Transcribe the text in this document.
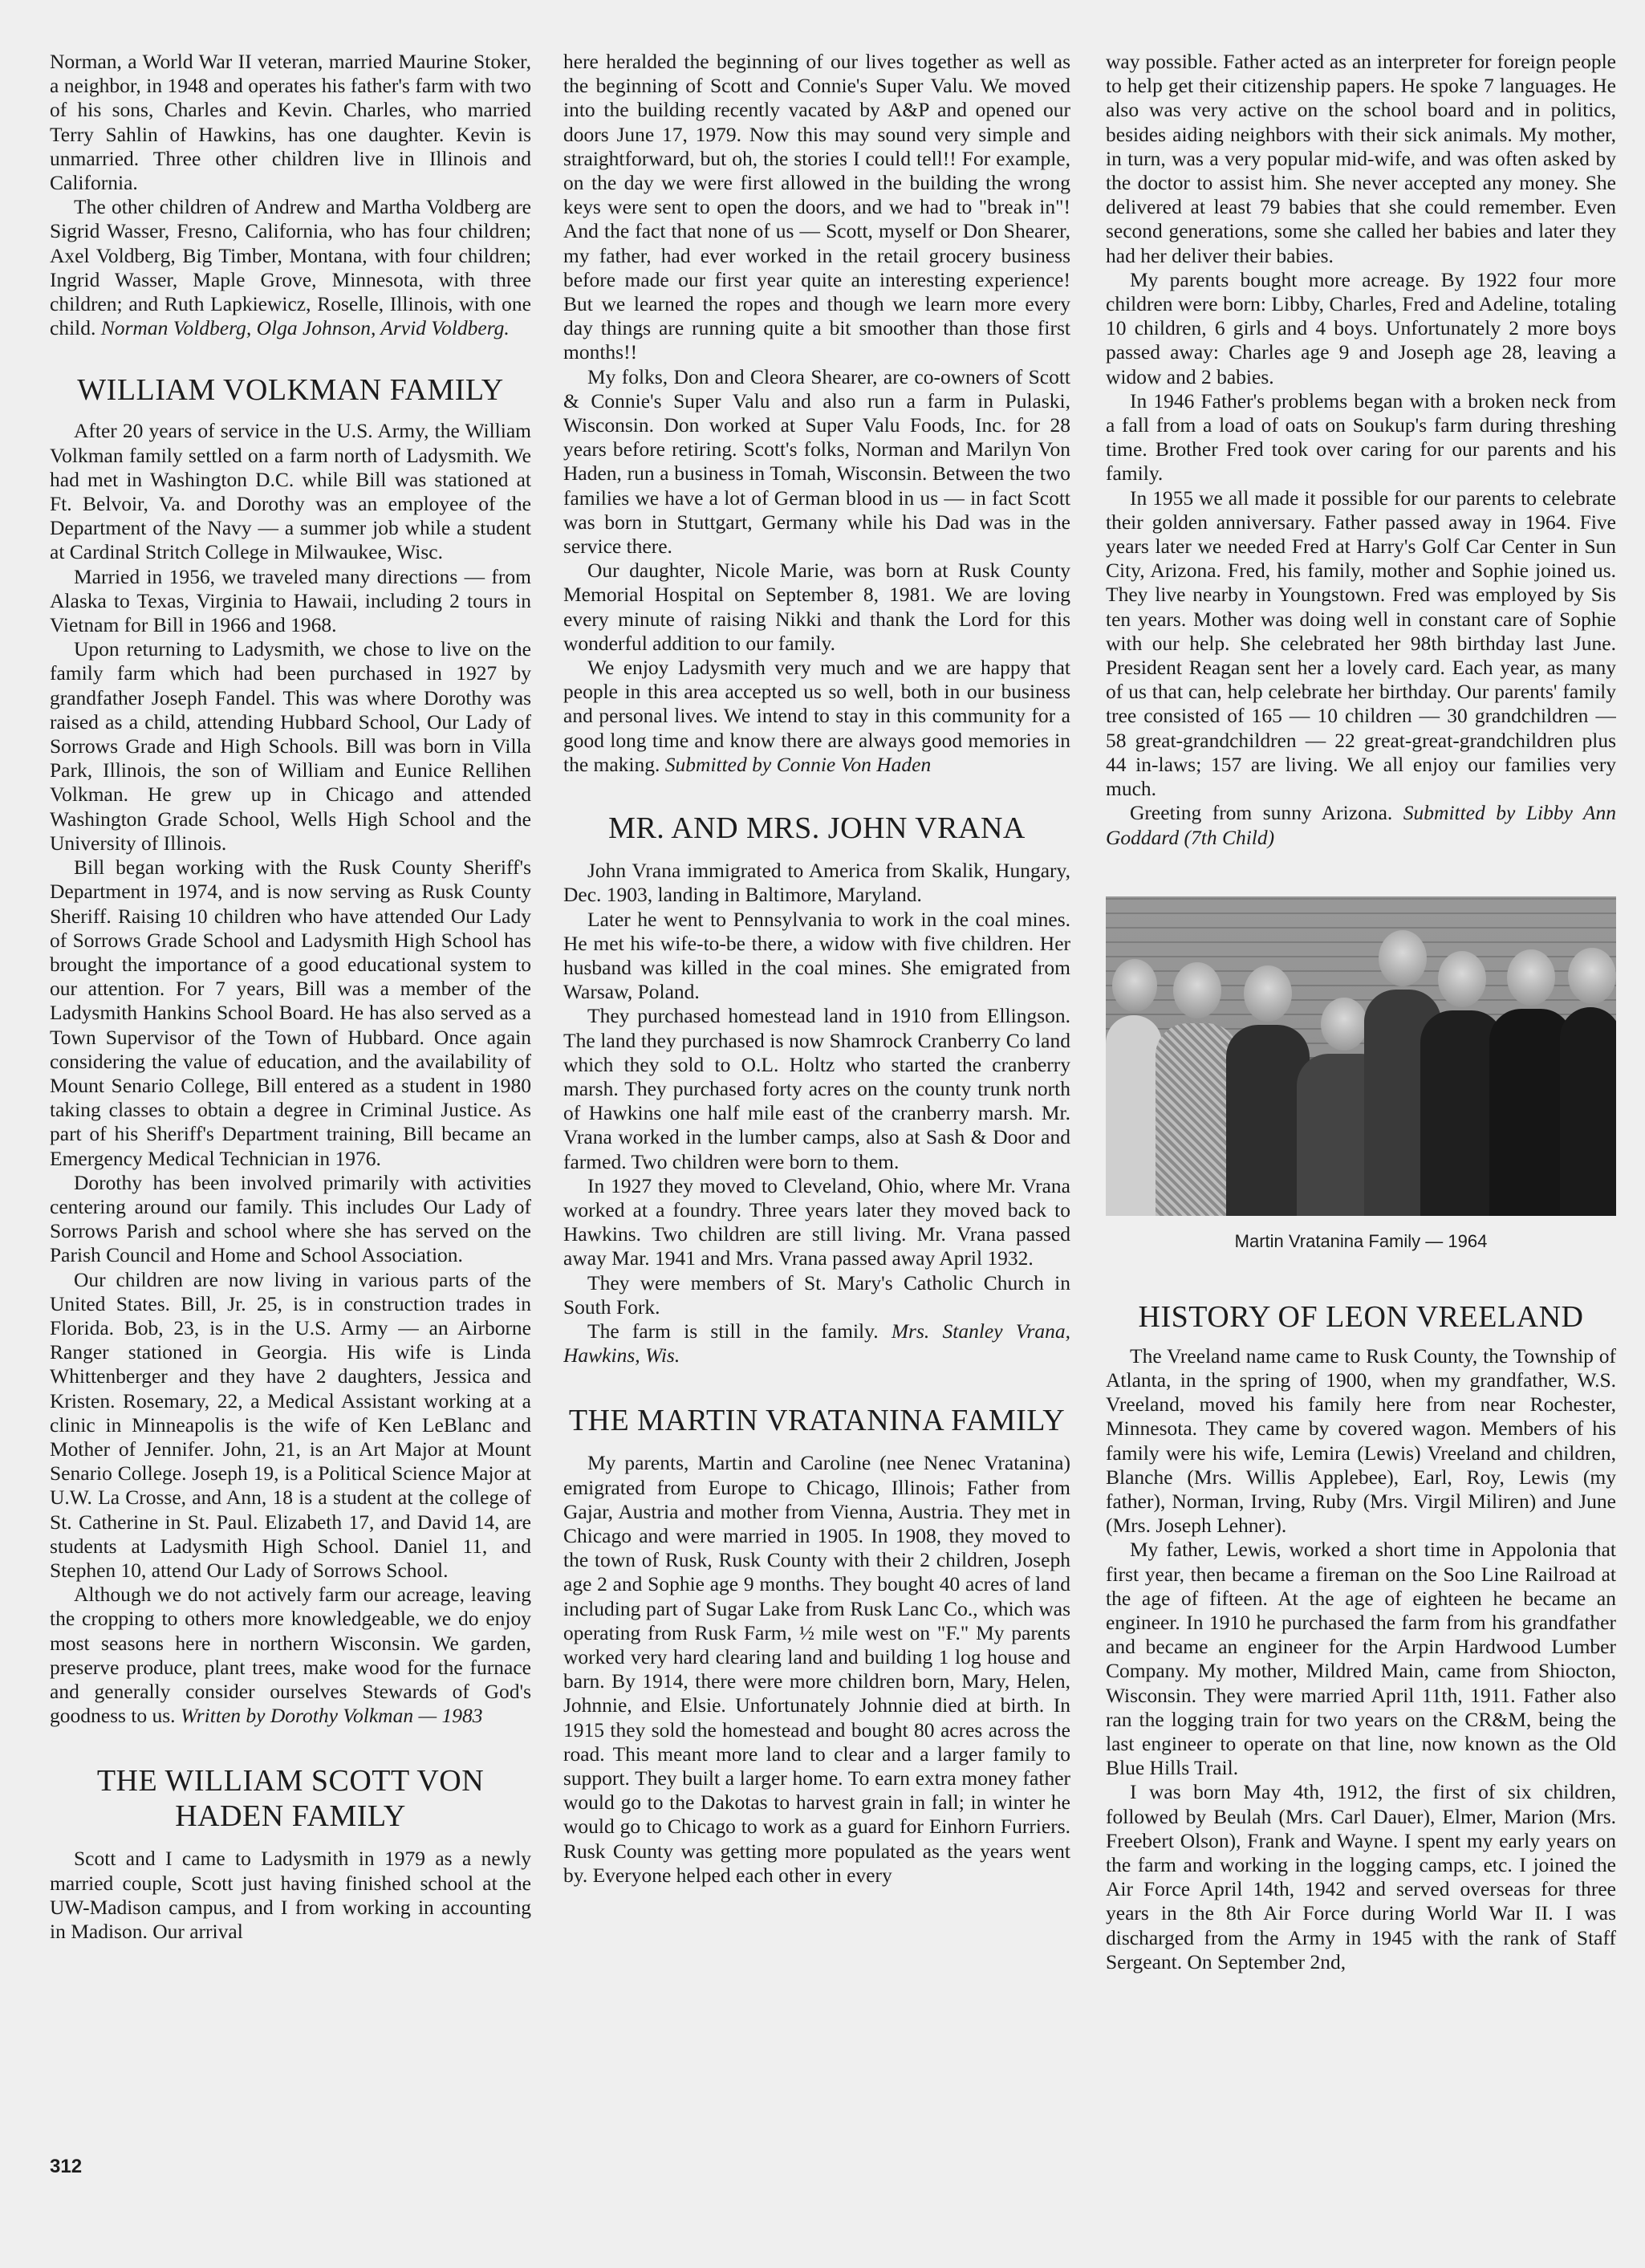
Norman, a World War II veteran, married Maurine Stoker, a neighbor, in 1948 and operates his father's farm with two of his sons, Charles and Kevin. Charles, who married Terry Sahlin of Hawkins, has one daughter. Kevin is unmarried. Three other children live in Illinois and California.

The other children of Andrew and Martha Voldberg are Sigrid Wasser, Fresno, California, who has four children; Axel Voldberg, Big Timber, Montana, with four children; Ingrid Wasser, Maple Grove, Minnesota, with three children; and Ruth Lapkiewicz, Roselle, Illinois, with one child. Norman Voldberg, Olga Johnson, Arvid Voldberg.

WILLIAM VOLKMAN FAMILY

After 20 years of service in the U.S. Army, the William Volkman family settled on a farm north of Ladysmith. We had met in Washington D.C. while Bill was stationed at Ft. Belvoir, Va. and Dorothy was an employee of the Department of the Navy — a summer job while a student at Cardinal Stritch College in Milwaukee, Wisc.

Married in 1956, we traveled many directions — from Alaska to Texas, Virginia to Hawaii, including 2 tours in Vietnam for Bill in 1966 and 1968.

Upon returning to Ladysmith, we chose to live on the family farm which had been purchased in 1927 by grandfather Joseph Fandel. This was where Dorothy was raised as a child, attending Hubbard School, Our Lady of Sorrows Grade and High Schools. Bill was born in Villa Park, Illinois, the son of William and Eunice Rellihen Volkman. He grew up in Chicago and attended Washington Grade School, Wells High School and the University of Illinois.

Bill began working with the Rusk County Sheriff's Department in 1974, and is now serving as Rusk County Sheriff. Raising 10 children who have attended Our Lady of Sorrows Grade School and Ladysmith High School has brought the importance of a good educational system to our attention. For 7 years, Bill was a member of the Ladysmith Hankins School Board. He has also served as a Town Supervisor of the Town of Hubbard. Once again considering the value of education, and the availability of Mount Senario College, Bill entered as a student in 1980 taking classes to obtain a degree in Criminal Justice. As part of his Sheriff's Department training, Bill became an Emergency Medical Technician in 1976.

Dorothy has been involved primarily with activities centering around our family. This includes Our Lady of Sorrows Parish and school where she has served on the Parish Council and Home and School Association.

Our children are now living in various parts of the United States. Bill, Jr. 25, is in construction trades in Florida. Bob, 23, is in the U.S. Army — an Airborne Ranger stationed in Georgia. His wife is Linda Whittenberger and they have 2 daughters, Jessica and Kristen. Rosemary, 22, a Medical Assistant working at a clinic in Minneapolis is the wife of Ken LeBlanc and Mother of Jennifer. John, 21, is an Art Major at Mount Senario College. Joseph 19, is a Political Science Major at U.W. La Crosse, and Ann, 18 is a student at the college of St. Catherine in St. Paul. Elizabeth 17, and David 14, are students at Ladysmith High School. Daniel 11, and Stephen 10, attend Our Lady of Sorrows School.

Although we do not actively farm our acreage, leaving the cropping to others more knowledgeable, we do enjoy most seasons here in northern Wisconsin. We garden, preserve produce, plant trees, make wood for the furnace and generally consider ourselves Stewards of God's goodness to us. Written by Dorothy Volkman — 1983

THE WILLIAM SCOTT VON HADEN FAMILY

Scott and I came to Ladysmith in 1979 as a newly married couple, Scott just having finished school at the UW-Madison campus, and I from working in accounting in Madison. Our arrival

here heralded the beginning of our lives together as well as the beginning of Scott and Connie's Super Valu. We moved into the building recently vacated by A&P and opened our doors June 17, 1979. Now this may sound very simple and straightforward, but oh, the stories I could tell!! For example, on the day we were first allowed in the building the wrong keys were sent to open the doors, and we had to "break in"! And the fact that none of us — Scott, myself or Don Shearer, my father, had ever worked in the retail grocery business before made our first year quite an interesting experience! But we learned the ropes and though we learn more every day things are running quite a bit smoother than those first months!!

My folks, Don and Cleora Shearer, are co-owners of Scott & Connie's Super Valu and also run a farm in Pulaski, Wisconsin. Don worked at Super Valu Foods, Inc. for 28 years before retiring. Scott's folks, Norman and Marilyn Von Haden, run a business in Tomah, Wisconsin. Between the two families we have a lot of German blood in us — in fact Scott was born in Stuttgart, Germany while his Dad was in the service there.

Our daughter, Nicole Marie, was born at Rusk County Memorial Hospital on September 8, 1981. We are loving every minute of raising Nikki and thank the Lord for this wonderful addition to our family.

We enjoy Ladysmith very much and we are happy that people in this area accepted us so well, both in our business and personal lives. We intend to stay in this community for a good long time and know there are always good memories in the making. Submitted by Connie Von Haden

MR. AND MRS. JOHN VRANA

John Vrana immigrated to America from Skalik, Hungary, Dec. 1903, landing in Baltimore, Maryland.

Later he went to Pennsylvania to work in the coal mines. He met his wife-to-be there, a widow with five children. Her husband was killed in the coal mines. She emigrated from Warsaw, Poland.

They purchased homestead land in 1910 from Ellingson. The land they purchased is now Shamrock Cranberry Co land which they sold to O.L. Holtz who started the cranberry marsh. They purchased forty acres on the county trunk north of Hawkins one half mile east of the cranberry marsh. Mr. Vrana worked in the lumber camps, also at Sash & Door and farmed. Two children were born to them.

In 1927 they moved to Cleveland, Ohio, where Mr. Vrana worked at a foundry. Three years later they moved back to Hawkins. Two children are still living. Mr. Vrana passed away Mar. 1941 and Mrs. Vrana passed away April 1932.

They were members of St. Mary's Catholic Church in South Fork.

The farm is still in the family. Mrs. Stanley Vrana, Hawkins, Wis.

THE MARTIN VRATANINA FAMILY

My parents, Martin and Caroline (nee Nenec Vratanina) emigrated from Europe to Chicago, Illinois; Father from Gajar, Austria and mother from Vienna, Austria. They met in Chicago and were married in 1905. In 1908, they moved to the town of Rusk, Rusk County with their 2 children, Joseph age 2 and Sophie age 9 months. They bought 40 acres of land including part of Sugar Lake from Rusk Lanc Co., which was operating from Rusk Farm, ½ mile west on "F." My parents worked very hard clearing land and building 1 log house and barn. By 1914, there were more children born, Mary, Helen, Johnnie, and Elsie. Unfortunately Johnnie died at birth. In 1915 they sold the homestead and bought 80 acres across the road. This meant more land to clear and a larger family to support. They built a larger home. To earn extra money father would go to the Dakotas to harvest grain in fall; in winter he would go to Chicago to work as a guard for Einhorn Furriers. Rusk County was getting more populated as the years went by. Everyone helped each other in every

way possible. Father acted as an interpreter for foreign people to help get their citizenship papers. He spoke 7 languages. He also was very active on the school board and in politics, besides aiding neighbors with their sick animals. My mother, in turn, was a very popular mid-wife, and was often asked by the doctor to assist him. She never accepted any money. She delivered at least 79 babies that she could remember. Even second generations, some she called her babies and later they had her deliver their babies.

My parents bought more acreage. By 1922 four more children were born: Libby, Charles, Fred and Adeline, totaling 10 children, 6 girls and 4 boys. Unfortunately 2 more boys passed away: Charles age 9 and Joseph age 28, leaving a widow and 2 babies.

In 1946 Father's problems began with a broken neck from a fall from a load of oats on Soukup's farm during threshing time. Brother Fred took over caring for our parents and his family.

In 1955 we all made it possible for our parents to celebrate their golden anniversary. Father passed away in 1964. Five years later we needed Fred at Harry's Golf Car Center in Sun City, Arizona. Fred, his family, mother and Sophie joined us. They live nearby in Youngstown. Fred was employed by Sis ten years. Mother was doing well in constant care of Sophie with our help. She celebrated her 98th birthday last June. President Reagan sent her a lovely card. Each year, as many of us that can, help celebrate her birthday. Our parents' family tree consisted of 165 — 10 children — 30 grandchildren — 58 great-grandchildren — 22 great-great-grandchildren plus 44 in-laws; 157 are living. We all enjoy our families very much.

Greeting from sunny Arizona. Submitted by Libby Ann Goddard (7th Child)

Martin Vratanina Family — 1964
HISTORY OF LEON VREELAND

The Vreeland name came to Rusk County, the Township of Atlanta, in the spring of 1900, when my grandfather, W.S. Vreeland, moved his family here from near Rochester, Minnesota. They came by covered wagon. Members of his family were his wife, Lemira (Lewis) Vreeland and children, Blanche (Mrs. Willis Applebee), Earl, Roy, Lewis (my father), Norman, Irving, Ruby (Mrs. Virgil Miliren) and June (Mrs. Joseph Lehner).

My father, Lewis, worked a short time in Appolonia that first year, then became a fireman on the Soo Line Railroad at the age of fifteen. At the age of eighteen he became an engineer. In 1910 he purchased the farm from his grandfather and became an engineer for the Arpin Hardwood Lumber Company. My mother, Mildred Main, came from Shiocton, Wisconsin. They were married April 11th, 1911. Father also ran the logging train for two years on the CR&M, being the last engineer to operate on that line, now known as the Old Blue Hills Trail.

I was born May 4th, 1912, the first of six children, followed by Beulah (Mrs. Carl Dauer), Elmer, Marion (Mrs. Freebert Olson), Frank and Wayne. I spent my early years on the farm and working in the logging camps, etc. I joined the Air Force April 14th, 1942 and served overseas for three years in the 8th Air Force during World War II. I was discharged from the Army in 1945 with the rank of Staff Sergeant. On September 2nd,

312
